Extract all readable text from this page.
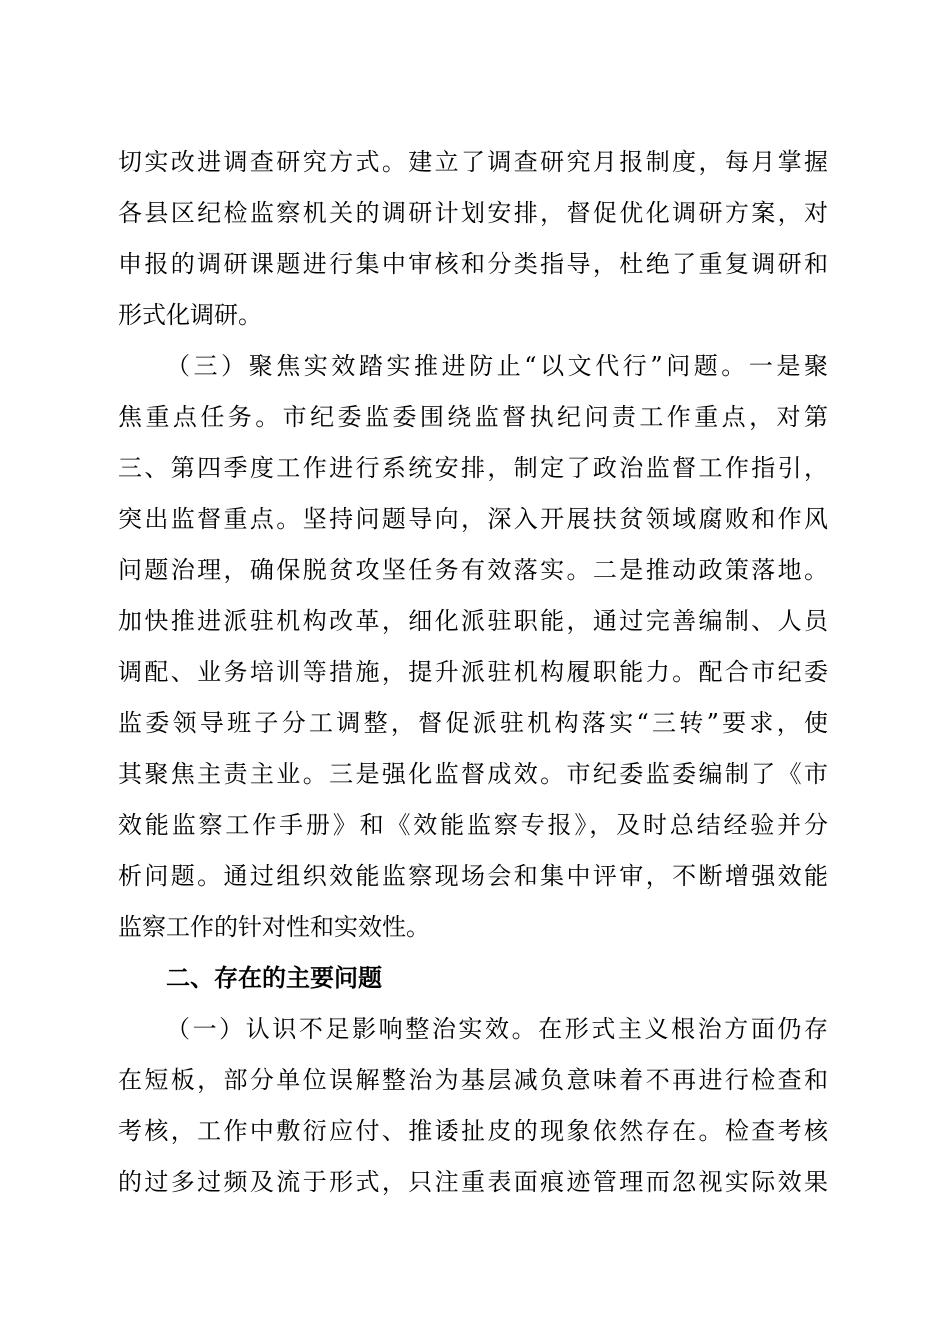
切实改进调查研究方式。建立了调查研究月报制度，每月掌握
各县区纪检监察机关的调研计划安排，督促优化调研方案，对
申报的调研课题进行集中审核和分类指导，杜绝了重复调研和
形式化调研。
（三）聚焦实效踏实推进防止“以文代行”问题。一是聚
焦重点任务。市纪委监委围绕监督执纪问责工作重点，对第
三、第四季度工作进行系统安排，制定了政治监督工作指引，
突出监督重点。坚持问题导向，深入开展扶贫领域腐败和作风
问题治理，确保脱贫攻坚任务有效落实。二是推动政策落地。
加快推进派驻机构改革，细化派驻职能，通过完善编制、人员
调配、业务培训等措施，提升派驻机构履职能力。配合市纪委
监委领导班子分工调整，督促派驻机构落实“三转”要求，使
其聚焦主责主业。三是强化监督成效。市纪委监委编制了《市
效能监察工作手册》和《效能监察专报》，及时总结经验并分
析问题。通过组织效能监察现场会和集中评审，不断增强效能
监察工作的针对性和实效性。
二、存在的主要问题
（一）认识不足影响整治实效。在形式主义根治方面仍存
在短板，部分单位误解整治为基层减负意味着不再进行检查和
考核，工作中敷衍应付、推诿扯皮的现象依然存在。检查考核
的过多过频及流于形式，只注重表面痕迹管理而忽视实际效果
